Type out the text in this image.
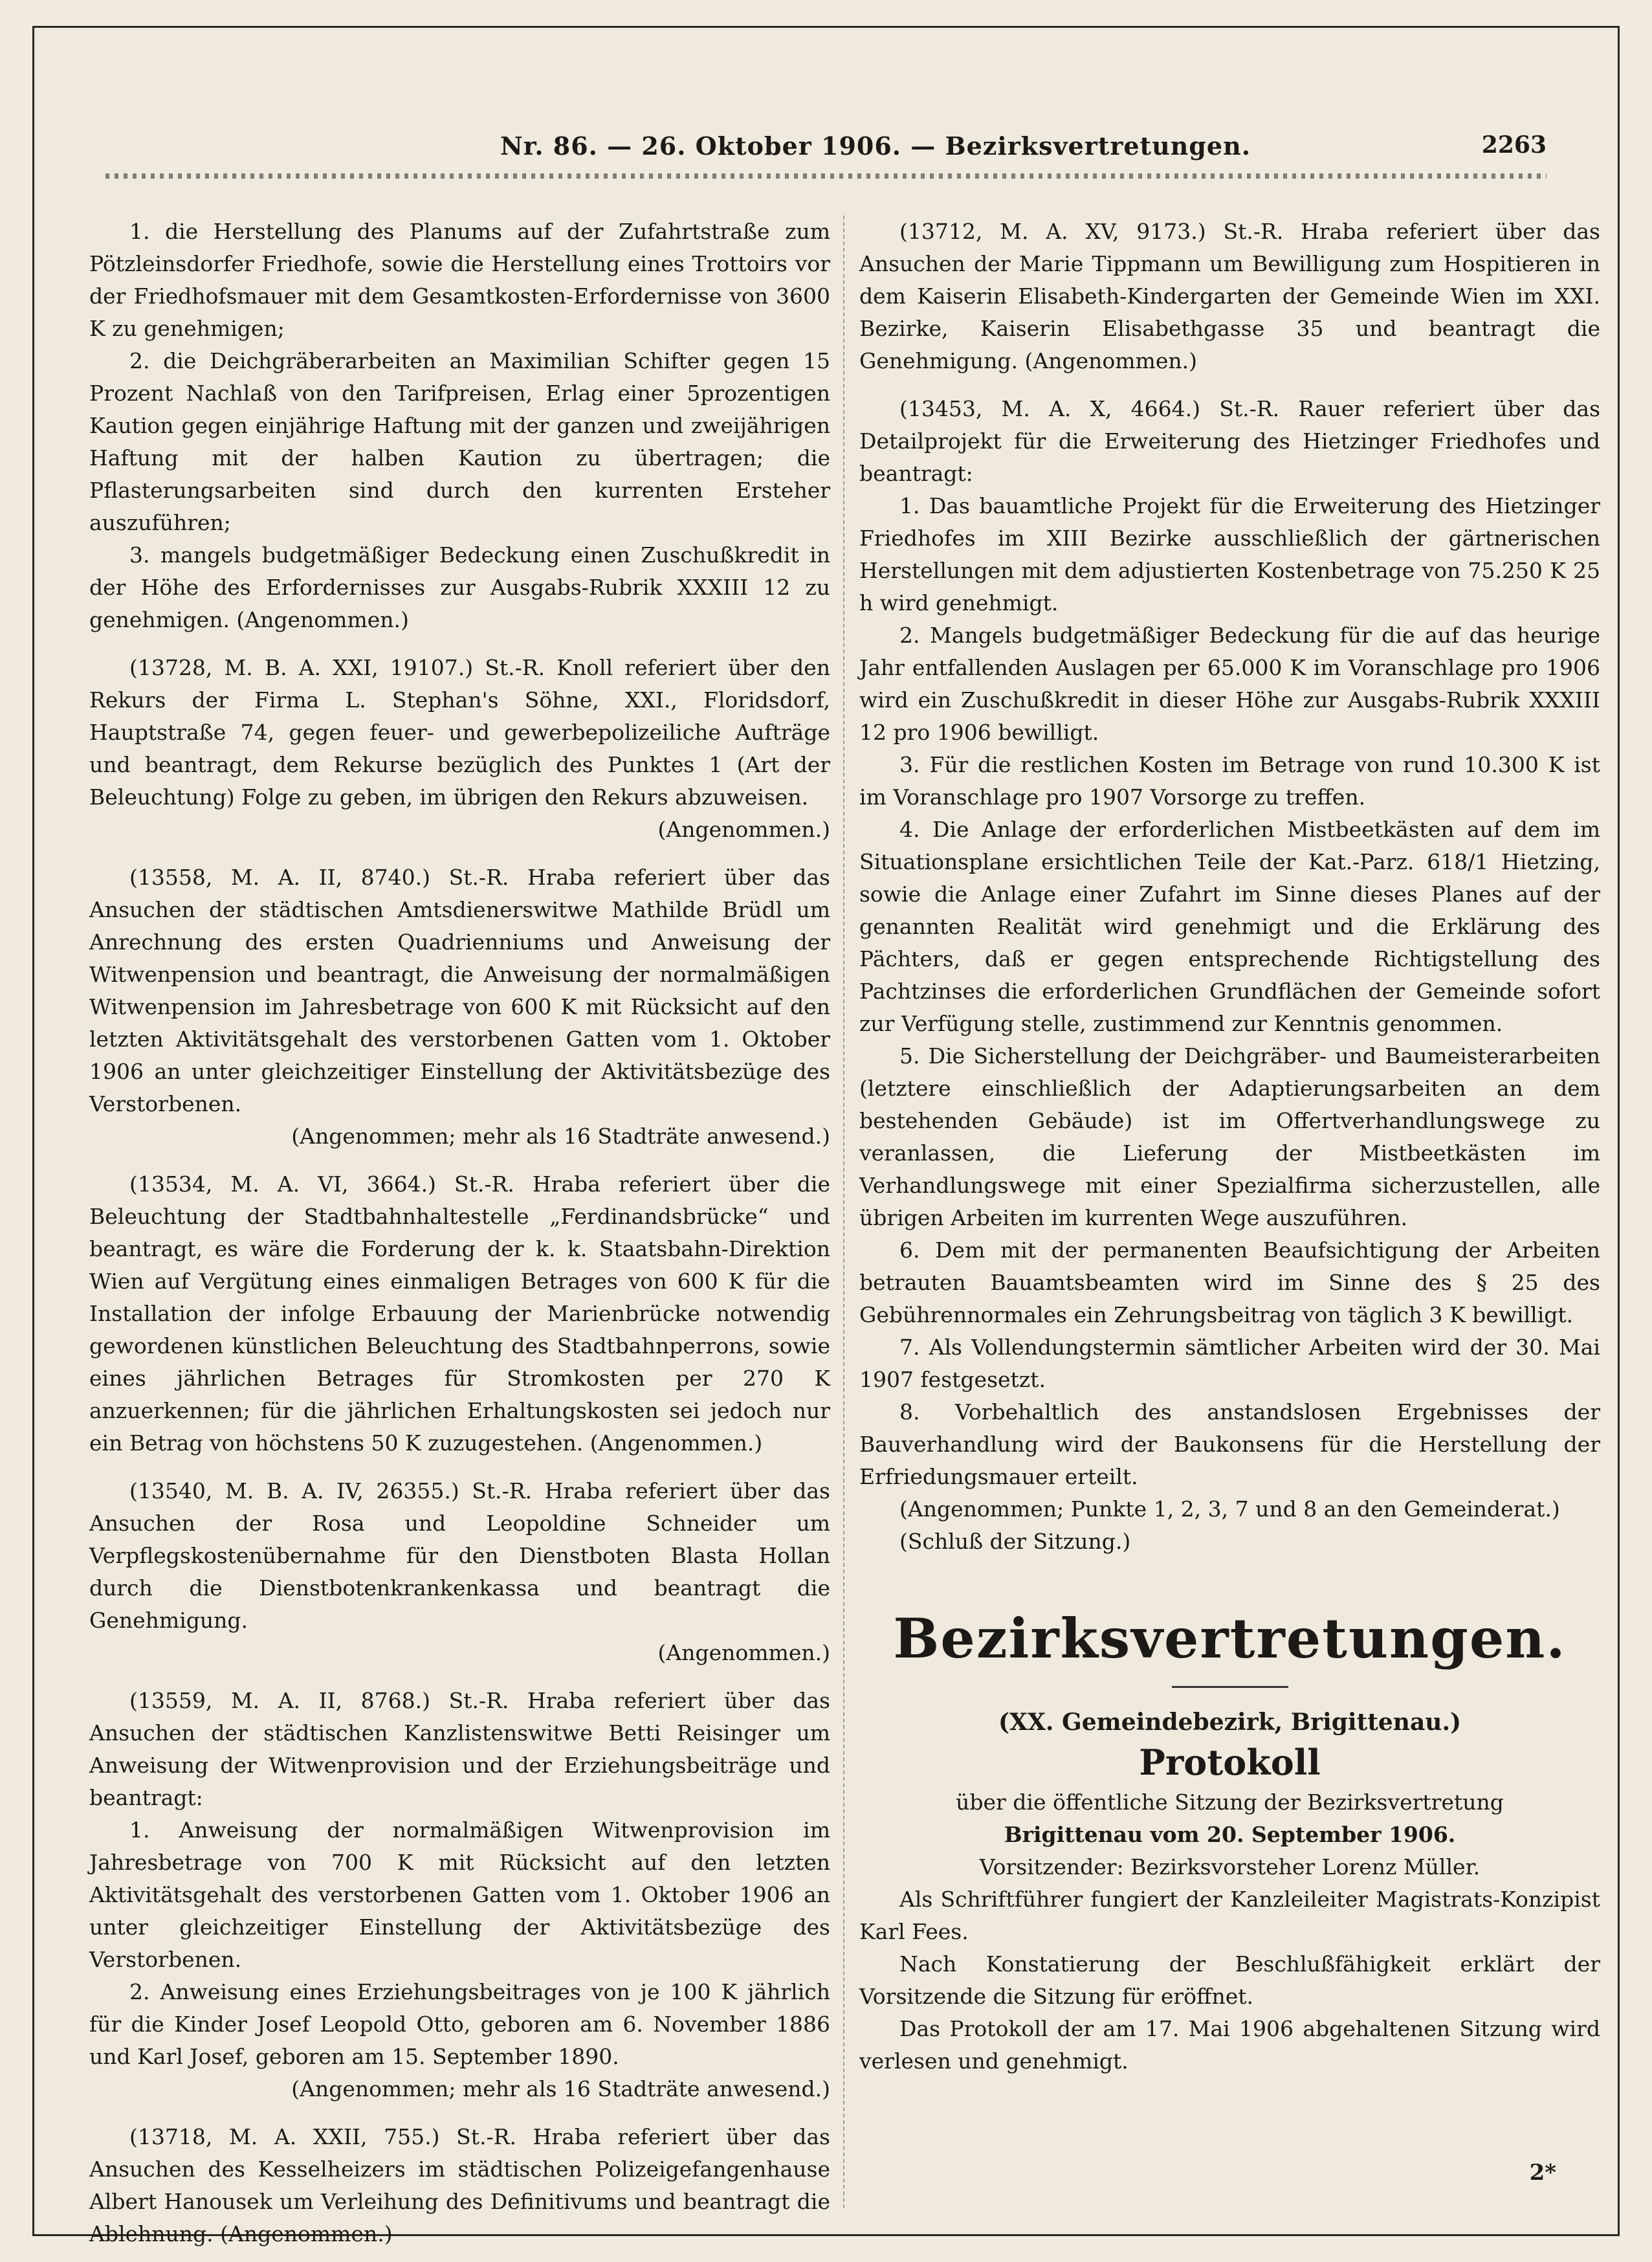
Nr. 86. — 26. Oktober 1906. — Bezirksvertretungen.	2263

1. die Herstellung des Planums auf der Zufahrtstraße zum Pötzleinsdorfer Friedhofe, sowie die Herstellung eines Trottoirs vor der Friedhofsmauer mit dem Gesamtkosten-Erfordernisse von 3600 K zu genehmigen;

2. die Deichgräberarbeiten an Maximilian Schifter gegen 15 Prozent Nachlaß von den Tarifpreisen, Erlag einer 5prozentigen Kaution gegen einjährige Haftung mit der ganzen und zweijährigen Haftung mit der halben Kaution zu übertragen; die Pflasterungsarbeiten sind durch den kurrenten Ersteher auszuführen;

3. mangels budgetmäßiger Bedeckung einen Zuschußkredit in der Höhe des Erfordernisses zur Ausgabs-Rubrik XXXIII 12 zu genehmigen. (Angenommen.)

(13728, M. B. A. XXI, 19107.) St.-R. Knoll referiert über den Rekurs der Firma L. Stephan's Söhne, XXI., Floridsdorf, Hauptstraße 74, gegen feuer- und gewerbepolizeiliche Aufträge und beantragt, dem Rekurse bezüglich des Punktes 1 (Art der Beleuchtung) Folge zu geben, im übrigen den Rekurs abzuweisen.

(Angenommen.)

(13558, M. A. II, 8740.) St.-R. Hraba referiert über das Ansuchen der städtischen Amtsdienerswitwe Mathilde Brüdl um Anrechnung des ersten Quadrienniums und Anweisung der Witwenpension und beantragt, die Anweisung der normalmäßigen Witwenpension im Jahresbetrage von 600 K mit Rücksicht auf den letzten Aktivitätsgehalt des verstorbenen Gatten vom 1. Oktober 1906 an unter gleichzeitiger Einstellung der Aktivitätsbezüge des Verstorbenen.

(Angenommen; mehr als 16 Stadträte anwesend.)

(13534, M. A. VI, 3664.) St.-R. Hraba referiert über die Beleuchtung der Stadtbahnhaltestelle „Ferdinandsbrücke“ und beantragt, es wäre die Forderung der k. k. Staatsbahn-Direktion Wien auf Vergütung eines einmaligen Betrages von 600 K für die Installation der infolge Erbauung der Marienbrücke notwendig gewordenen künstlichen Beleuchtung des Stadtbahnperrons, sowie eines jährlichen Betrages für Stromkosten per 270 K anzuerkennen; für die jährlichen Erhaltungskosten sei jedoch nur ein Betrag von höchstens 50 K zuzugestehen. (Angenommen.)

(13540, M. B. A. IV, 26355.) St.-R. Hraba referiert über das Ansuchen der Rosa und Leopoldine Schneider um Verpflegskostenübernahme für den Dienstboten Blasta Hollan durch die Dienstbotenkrankenkassa und beantragt die Genehmigung.

(Angenommen.)

(13559, M. A. II, 8768.) St.-R. Hraba referiert über das Ansuchen der städtischen Kanzlistenswitwe Betti Reisinger um Anweisung der Witwenprovision und der Erziehungsbeiträge und beantragt:

1. Anweisung der normalmäßigen Witwenprovision im Jahresbetrage von 700 K mit Rücksicht auf den letzten Aktivitätsgehalt des verstorbenen Gatten vom 1. Oktober 1906 an unter gleichzeitiger Einstellung der Aktivitätsbezüge des Verstorbenen.

2. Anweisung eines Erziehungsbeitrages von je 100 K jährlich für die Kinder Josef Leopold Otto, geboren am 6. November 1886 und Karl Josef, geboren am 15. September 1890.

(Angenommen; mehr als 16 Stadträte anwesend.)

(13718, M. A. XXII, 755.) St.-R. Hraba referiert über das Ansuchen des Kesselheizers im städtischen Polizeigefangenhause Albert Hanousek um Verleihung des Definitivums und beantragt die Ablehnung. (Angenommen.)

(13712, M. A. XV, 9173.) St.-R. Hraba referiert über das Ansuchen der Marie Tippmann um Bewilligung zum Hospitieren in dem Kaiserin Elisabeth-Kindergarten der Gemeinde Wien im XXI. Bezirke, Kaiserin Elisabethgasse 35 und beantragt die Genehmigung. (Angenommen.)

(13453, M. A. X, 4664.) St.-R. Rauer referiert über das Detailprojekt für die Erweiterung des Hietzinger Friedhofes und beantragt:

1. Das bauamtliche Projekt für die Erweiterung des Hietzinger Friedhofes im XIII Bezirke ausschließlich der gärtnerischen Herstellungen mit dem adjustierten Kostenbetrage von 75.250 K 25 h wird genehmigt.

2. Mangels budgetmäßiger Bedeckung für die auf das heurige Jahr entfallenden Auslagen per 65.000 K im Voranschlage pro 1906 wird ein Zuschußkredit in dieser Höhe zur Ausgabs-Rubrik XXXIII 12 pro 1906 bewilligt.

3. Für die restlichen Kosten im Betrage von rund 10.300 K ist im Voranschlage pro 1907 Vorsorge zu treffen.

4. Die Anlage der erforderlichen Mistbeetkästen auf dem im Situationsplane ersichtlichen Teile der Kat.-Parz. 618/1 Hietzing, sowie die Anlage einer Zufahrt im Sinne dieses Planes auf der genannten Realität wird genehmigt und die Erklärung des Pächters, daß er gegen entsprechende Richtigstellung des Pachtzinses die erforderlichen Grundflächen der Gemeinde sofort zur Verfügung stelle, zustimmend zur Kenntnis genommen.

5. Die Sicherstellung der Deichgräber- und Baumeisterarbeiten (letztere einschließlich der Adaptierungsarbeiten an dem bestehenden Gebäude) ist im Offertverhandlungswege zu veranlassen, die Lieferung der Mistbeetkästen im Verhandlungswege mit einer Spezialfirma sicherzustellen, alle übrigen Arbeiten im kurrenten Wege auszuführen.

6. Dem mit der permanenten Beaufsichtigung der Arbeiten betrauten Bauamtsbeamten wird im Sinne des § 25 des Gebührennormales ein Zehrungsbeitrag von täglich 3 K bewilligt.

7. Als Vollendungstermin sämtlicher Arbeiten wird der 30. Mai 1907 festgesetzt.

8. Vorbehaltlich des anstandslosen Ergebnisses der Bauverhandlung wird der Baukonsens für die Herstellung der Erfriedungsmauer erteilt.

(Angenommen; Punkte 1, 2, 3, 7 und 8 an den Gemeinderat.)

(Schluß der Sitzung.)

Bezirksvertretungen.
(XX. Gemeindebezirk, Brigittenau.)
Protokoll

über die öffentliche Sitzung der Bezirksvertretung

Brigittenau vom 20. September 1906.

Vorsitzender: Bezirksvorsteher Lorenz Müller.

Als Schriftführer fungiert der Kanzleileiter Magistrats-Konzipist Karl Fees.

Nach Konstatierung der Beschlußfähigkeit erklärt der Vorsitzende die Sitzung für eröffnet.

Das Protokoll der am 17. Mai 1906 abgehaltenen Sitzung wird verlesen und genehmigt.

2*
